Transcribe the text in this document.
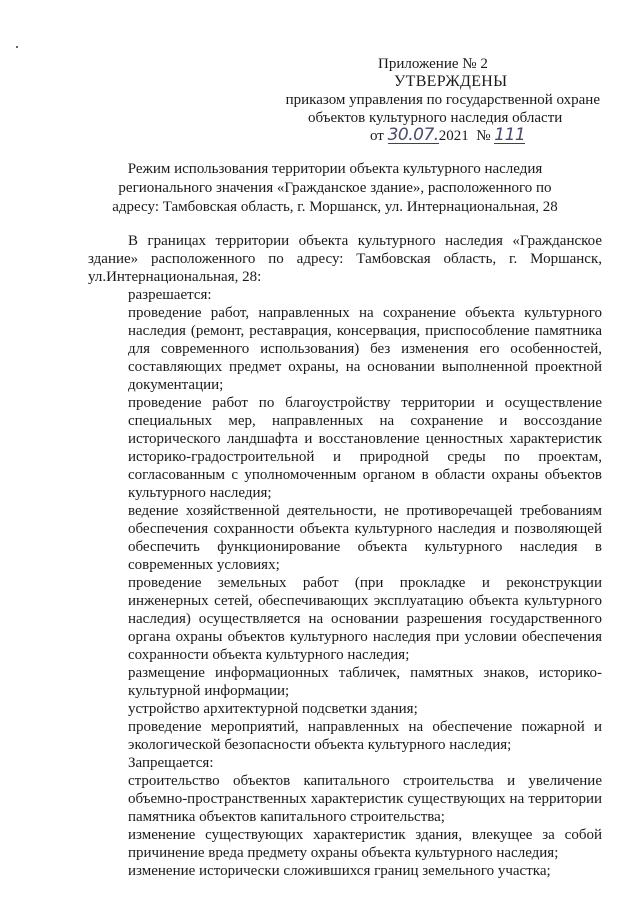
Приложение № 2
УТВЕРЖДЕНЫ
приказом управления по государственной охране
объектов культурного наследия области
от 30.07.2021 № 111
Режим использования территории объекта культурного наследия регионального значения «Гражданское здание», расположенного по адресу: Тамбовская область, г. Моршанск, ул. Интернациональная, 28

В границах территории объекта культурного наследия «Гражданское здание» расположенного по адресу: Тамбовская область, г. Моршанск, ул.Интернациональная, 28:

разрешается:

проведение работ, направленных на сохранение объекта культурного наследия (ремонт, реставрация, консервация, приспособление памятника для современного использования) без изменения его особенностей, составляющих предмет охраны, на основании выполненной проектной документации;

проведение работ по благоустройству территории и осуществление специальных мер, направленных на сохранение и воссоздание исторического ландшафта и восстановление ценностных характеристик историко-градостроительной и природной среды по проектам, согласованным с уполномоченным органом в области охраны объектов культурного наследия;

ведение хозяйственной деятельности, не противоречащей требованиям обеспечения сохранности объекта культурного наследия и позволяющей обеспечить функционирование объекта культурного наследия в современных условиях;

проведение земельных работ (при прокладке и реконструкции инженерных сетей, обеспечивающих эксплуатацию объекта культурного наследия) осуществляется на основании разрешения государственного органа охраны объектов культурного наследия при условии обеспечения сохранности объекта культурного наследия;

размещение информационных табличек, памятных знаков, историко-культурной информации;

устройство архитектурной подсветки здания;

проведение мероприятий, направленных на обеспечение пожарной и экологической безопасности объекта культурного наследия;

Запрещается:

строительство объектов капитального строительства и увеличение объемно-пространственных характеристик существующих на территории памятника объектов капитального строительства;

изменение существующих характеристик здания, влекущее за собой причинение вреда предмету охраны объекта культурного наследия;

изменение исторически сложившихся границ земельного участка;
